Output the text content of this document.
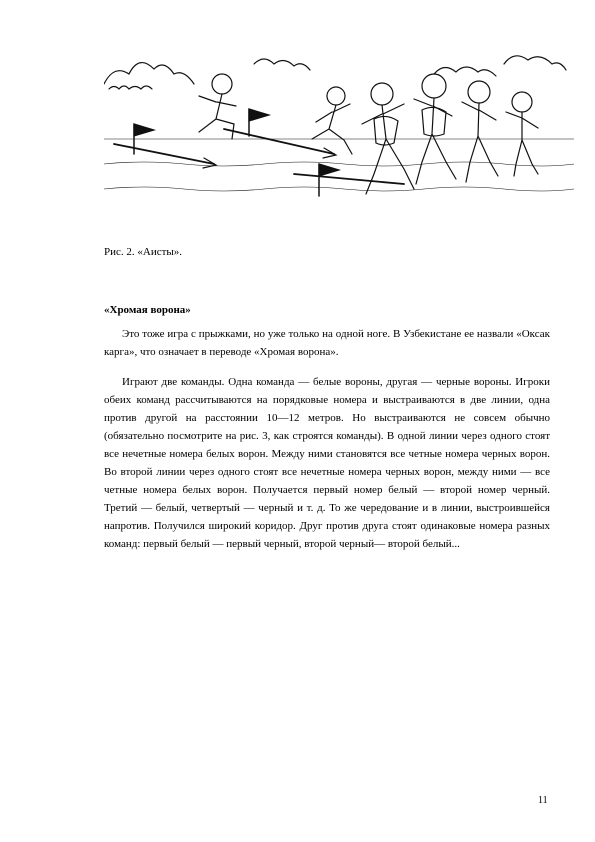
Рис. 2. «Аисты».
«Хромая ворона»

Это тоже игра с прыжками, но уже только на одной ноге. В Узбекистане ее назвали «Оксак карга», что означает в переводе «Хромая ворона».

Играют две команды. Одна команда — белые вороны, другая — черные вороны. Игроки обеих команд рассчитываются на порядковые номера и выстраиваются в две линии, одна против другой на расстоянии 10—12 метров. Но выстраиваются не совсем обычно (обязательно посмотрите на рис. 3, как строятся команды). В одной линии через одного стоят все нечетные номера белых ворон. Между ними становятся все четные номера черных ворон. Во второй линии через одного стоят все нечетные номера черных ворон, между ними — все четные номера белых ворон. Получается первый номер белый — второй номер черный. Третий — белый, четвертый — черный и т. д. То же чередование и в линии, выстроившейся напротив. Получился широкий коридор. Друг против друга стоят одинаковые номера разных команд: первый белый — первый черный, второй черный— второй белый...

11
